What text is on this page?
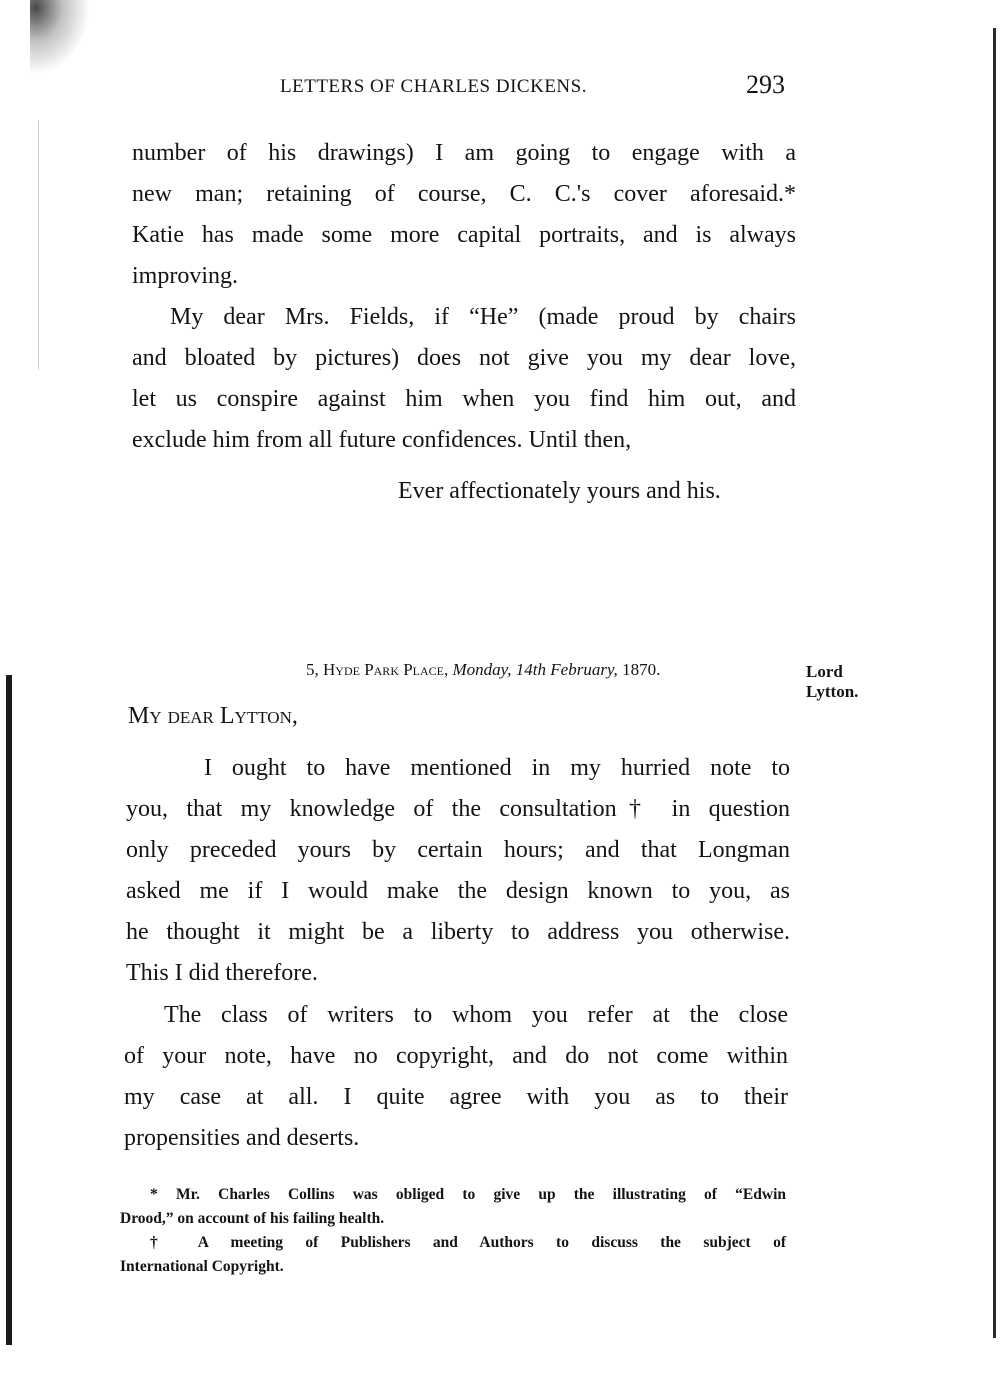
LETTERS OF CHARLES DICKENS.	293
number of his drawings) I am going to engage with a
new man; retaining of course, C. C.'s cover aforesaid.*
Katie has made some more capital portraits, and is always
improving.
My dear Mrs. Fields, if “He” (made proud by chairs
and bloated by pictures) does not give you my dear love,
let us conspire against him when you find him out, and
exclude him from all future confidences. Until then,
Ever affectionately yours and his.
5, Hyde Park Place, Monday, 14th February, 1870.	Lord
Lytton.
My dear Lytton,
I ought to have mentioned in my hurried note to
you, that my knowledge of the consultation† in question
only preceded yours by certain hours; and that Longman
asked me if I would make the design known to you, as
he thought it might be a liberty to address you otherwise.
This I did therefore.
The class of writers to whom you refer at the close
of your note, have no copyright, and do not come within
my case at all. I quite agree with you as to their
propensities and deserts.
* Mr. Charles Collins was obliged to give up the illustrating of “Edwin
Drood,” on account of his failing health.
† A meeting of Publishers and Authors to discuss the subject of
International Copyright.
